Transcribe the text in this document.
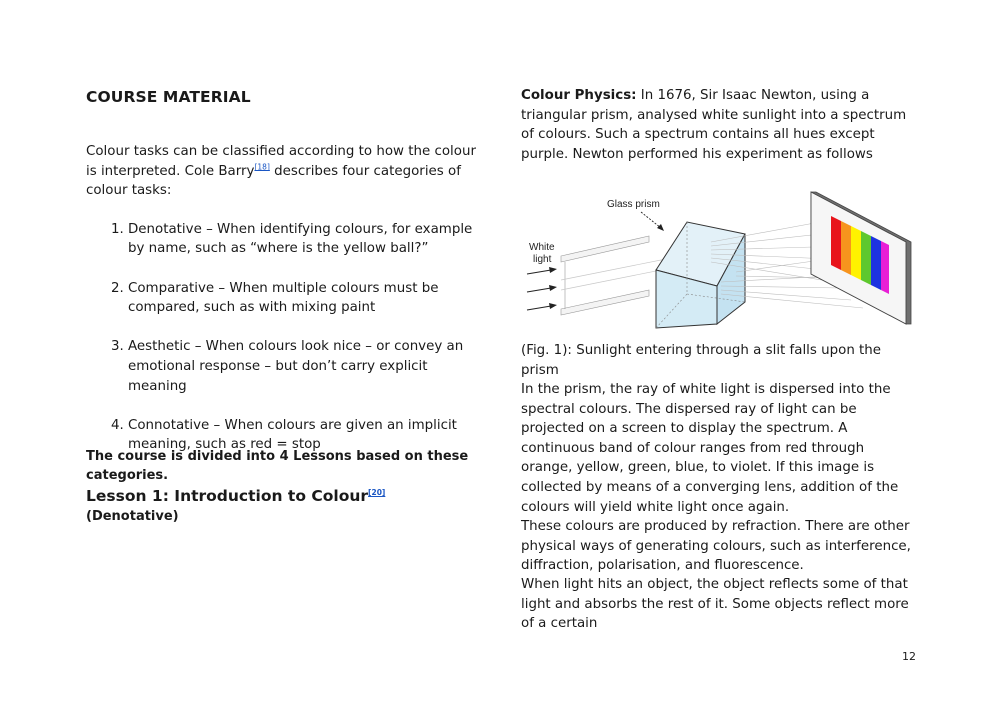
COURSE MATERIAL

Colour tasks can be classified according to how the colour is interpreted. Cole Barry[18] describes four categories of colour tasks:

1. Denotative – When identifying colours, for example by name, such as “where is the yellow ball?”
2. Comparative – When multiple colours must be compared, such as with mixing paint
3. Aesthetic – When colours look nice – or convey an emotional response – but don’t carry explicit meaning
4. Connotative – When colours are given an implicit meaning, such as red = stop
The course is divided into 4 Lessons based on these categories.
Lesson 1: Introduction to Colour[20]
(Denotative)

Colour Physics: In 1676, Sir Isaac Newton, using a triangular prism, analysed white sunlight into a spectrum of colours. Such a spectrum contains all hues except purple. Newton performed his experiment as follows

Glass prism
White
light

(Fig. 1): Sunlight entering through a slit falls upon the prism

In the prism, the ray of white light is dispersed into the spectral colours. The dispersed ray of light can be projected on a screen to display the spectrum. A continuous band of colour ranges from red through orange, yellow, green, blue, to violet. If this image is collected by means of a converging lens, addition of the colours will yield white light once again.

These colours are produced by refraction. There are other physical ways of generating colours, such as interference, diffraction, polarisation, and fluorescence.

When light hits an object, the object reflects some of that light and absorbs the rest of it. Some objects reflect more of a certain

12
